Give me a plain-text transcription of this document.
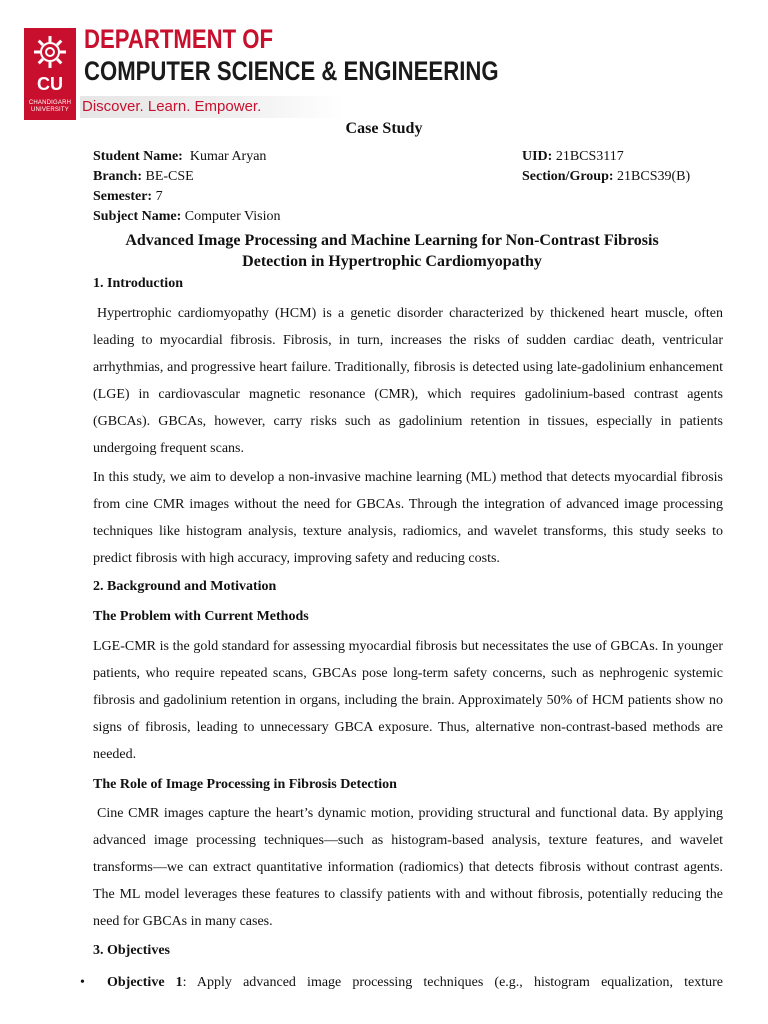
CU
CHANDIGARH UNIVERSITY
DEPARTMENT OF
COMPUTER SCIENCE & ENGINEERING
Discover. Learn. Empower.
Case Study
Student Name: Kumar Aryan	UID: 21BCS3117
Branch: BE-CSE	Section/Group: 21BCS39(B)
Semester: 7
Subject Name: Computer Vision
Advanced Image Processing and Machine Learning for Non-Contrast Fibrosis
Detection in Hypertrophic Cardiomyopathy
1. Introduction
Hypertrophic cardiomyopathy (HCM) is a genetic disorder characterized by thickened heart muscle, often leading to myocardial fibrosis. Fibrosis, in turn, increases the risks of sudden cardiac death, ventricular arrhythmias, and progressive heart failure. Traditionally, fibrosis is detected using late-gadolinium enhancement (LGE) in cardiovascular magnetic resonance (CMR), which requires gadolinium-based contrast agents (GBCAs). GBCAs, however, carry risks such as gadolinium retention in tissues, especially in patients undergoing frequent scans.
In this study, we aim to develop a non-invasive machine learning (ML) method that detects myocardial fibrosis from cine CMR images without the need for GBCAs. Through the integration of advanced image processing techniques like histogram analysis, texture analysis, radiomics, and wavelet transforms, this study seeks to predict fibrosis with high accuracy, improving safety and reducing costs.
2. Background and Motivation
The Problem with Current Methods
LGE-CMR is the gold standard for assessing myocardial fibrosis but necessitates the use of GBCAs. In younger patients, who require repeated scans, GBCAs pose long-term safety concerns, such as nephrogenic systemic fibrosis and gadolinium retention in organs, including the brain. Approximately 50% of HCM patients show no signs of fibrosis, leading to unnecessary GBCA exposure. Thus, alternative non-contrast-based methods are needed.
The Role of Image Processing in Fibrosis Detection
Cine CMR images capture the heart’s dynamic motion, providing structural and functional data. By applying advanced image processing techniques—such as histogram-based analysis, texture features, and wavelet transforms—we can extract quantitative information (radiomics) that detects fibrosis without contrast agents. The ML model leverages these features to classify patients with and without fibrosis, potentially reducing the need for GBCAs in many cases.
3. Objectives
• Objective 1: Apply advanced image processing techniques (e.g., histogram equalization, texture
